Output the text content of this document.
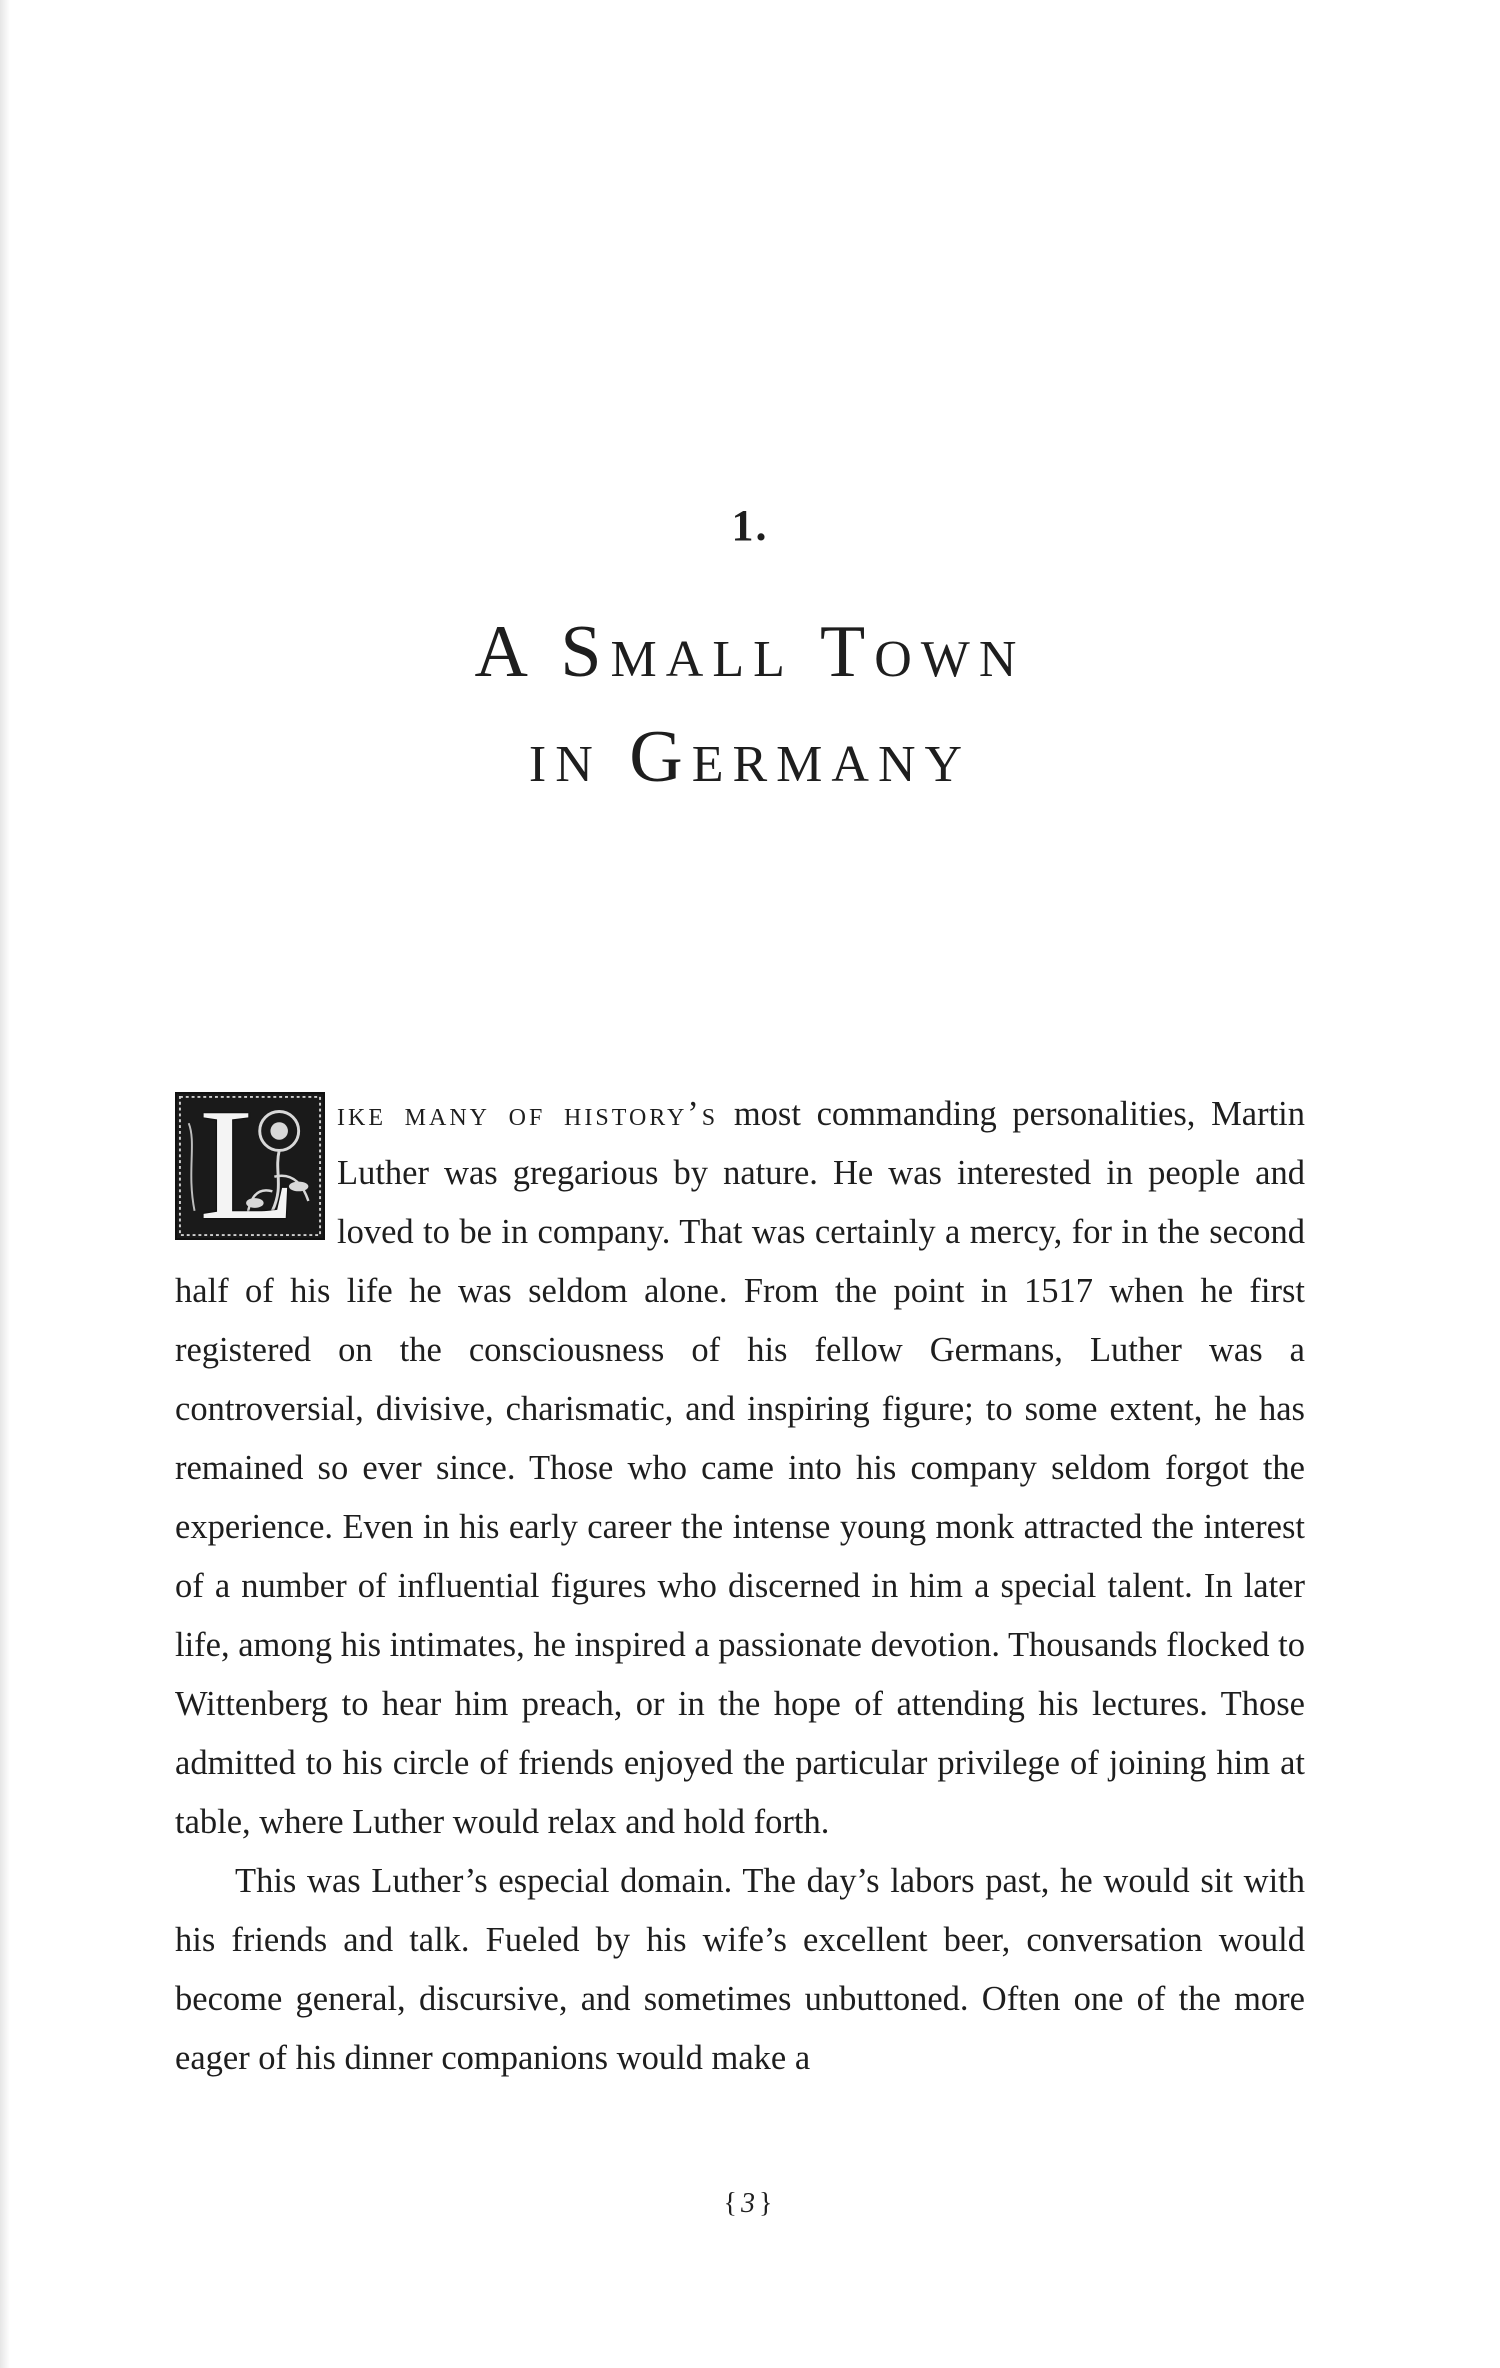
1.
A Small Town
in Germany

L ike many of history’s most commanding personalities, Martin Luther was gregarious by nature. He was interested in people and loved to be in company. That was certainly a mercy, for in the second half of his life he was seldom alone. From the point in 1517 when he first registered on the consciousness of his fellow Germans, Luther was a controversial, divisive, charismatic, and inspiring figure; to some extent, he has remained so ever since. Those who came into his company seldom forgot the experience. Even in his early career the intense young monk attracted the interest of a number of influential figures who discerned in him a special talent. In later life, among his intimates, he inspired a passionate devotion. Thousands flocked to Wittenberg to hear him preach, or in the hope of attending his lectures. Those admitted to his circle of friends enjoyed the particular privilege of joining him at table, where Luther would relax and hold forth.

This was Luther’s especial domain. The day’s labors past, he would sit with his friends and talk. Fueled by his wife’s excellent beer, conversation would become general, discursive, and sometimes unbuttoned. Often one of the more eager of his dinner companions would make a

{3}
